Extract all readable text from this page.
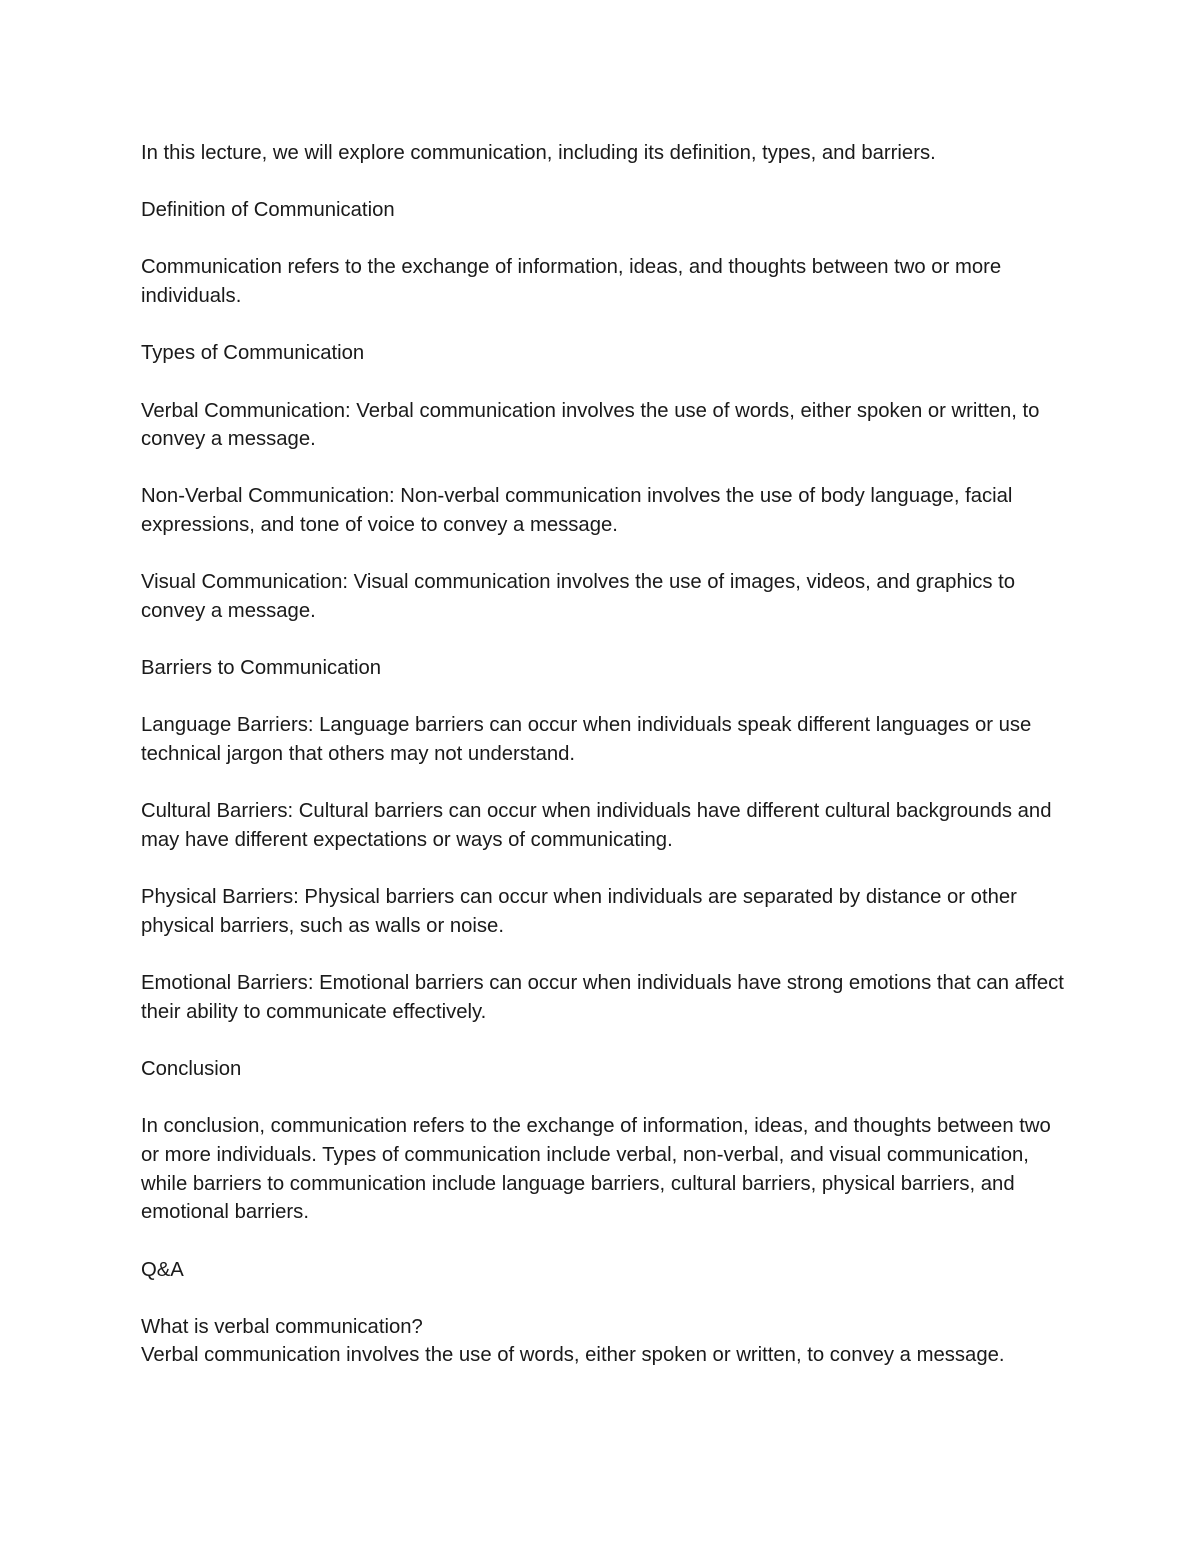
In this lecture, we will explore communication, including its definition, types, and barriers.

Definition of Communication

Communication refers to the exchange of information, ideas, and thoughts between two or more individuals.

Types of Communication

Verbal Communication: Verbal communication involves the use of words, either spoken or written, to convey a message.

Non-Verbal Communication: Non-verbal communication involves the use of body language, facial expressions, and tone of voice to convey a message.

Visual Communication: Visual communication involves the use of images, videos, and graphics to convey a message.

Barriers to Communication

Language Barriers: Language barriers can occur when individuals speak different languages or use technical jargon that others may not understand.

Cultural Barriers: Cultural barriers can occur when individuals have different cultural backgrounds and may have different expectations or ways of communicating.

Physical Barriers: Physical barriers can occur when individuals are separated by distance or other physical barriers, such as walls or noise.

Emotional Barriers: Emotional barriers can occur when individuals have strong emotions that can affect their ability to communicate effectively.

Conclusion

In conclusion, communication refers to the exchange of information, ideas, and thoughts between two or more individuals. Types of communication include verbal, non-verbal, and visual communication, while barriers to communication include language barriers, cultural barriers, physical barriers, and emotional barriers.

Q&A

What is verbal communication?

Verbal communication involves the use of words, either spoken or written, to convey a message.
